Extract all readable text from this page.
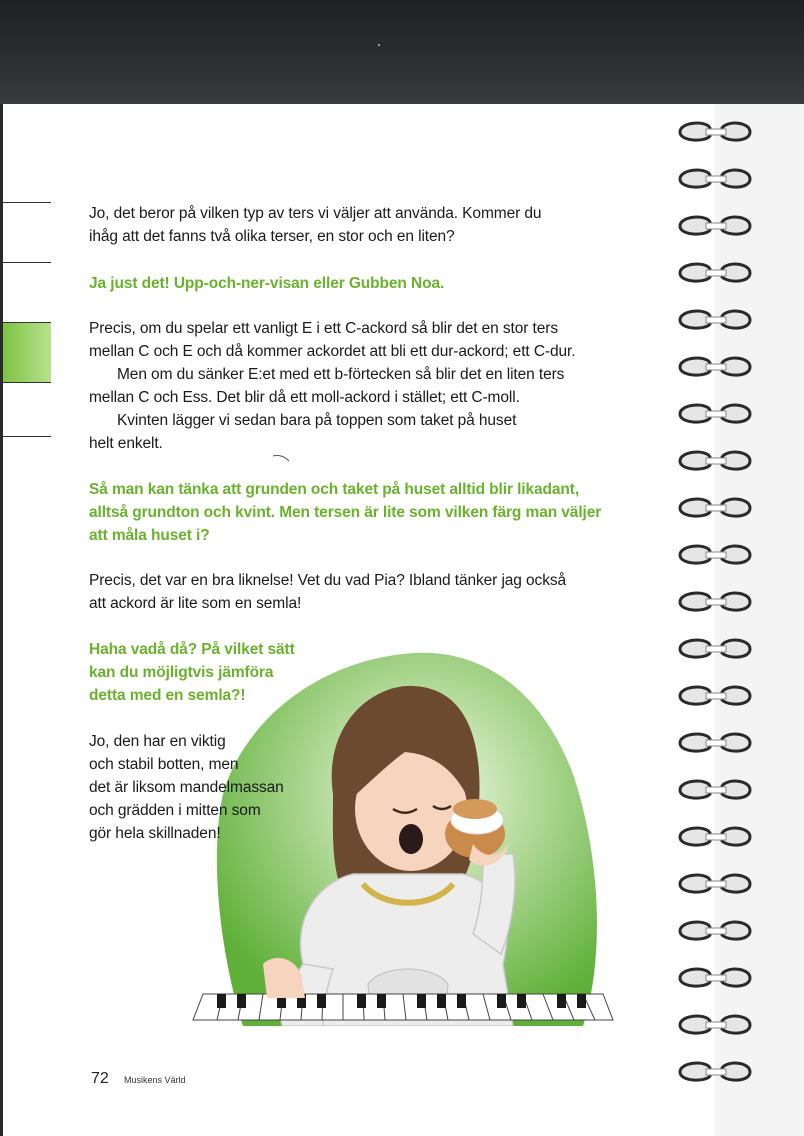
Jo, det beror på vilken typ av ters vi väljer att använda. Kommer du
ihåg att det fanns två olika terser, en stor och en liten?

Ja just det! Upp-och-ner-visan eller Gubben Noa.

Precis, om du spelar ett vanligt E i ett C-ackord så blir det en stor ters
mellan C och E och då kommer ackordet att bli ett dur-ackord; ett C-dur.
Men om du sänker E:et med ett b-förtecken så blir det en liten ters
mellan C och Ess. Det blir då ett moll-ackord i stället; ett C-moll.
Kvinten lägger vi sedan bara på toppen som taket på huset
helt enkelt.

Så man kan tänka att grunden och taket på huset alltid blir likadant,
alltså grundton och kvint. Men tersen är lite som vilken färg man väljer
att måla huset i?

Precis, det var en bra liknelse! Vet du vad Pia? Ibland tänker jag också
att ackord är lite som en semla!

Haha vadå då? På vilket sätt
kan du möjligtvis jämföra
detta med en semla?!

Jo, den har en viktig
och stabil botten, men
det är liksom mandelmassan
och grädden i mitten som
gör hela skillnaden!

72 Musikens Värld
